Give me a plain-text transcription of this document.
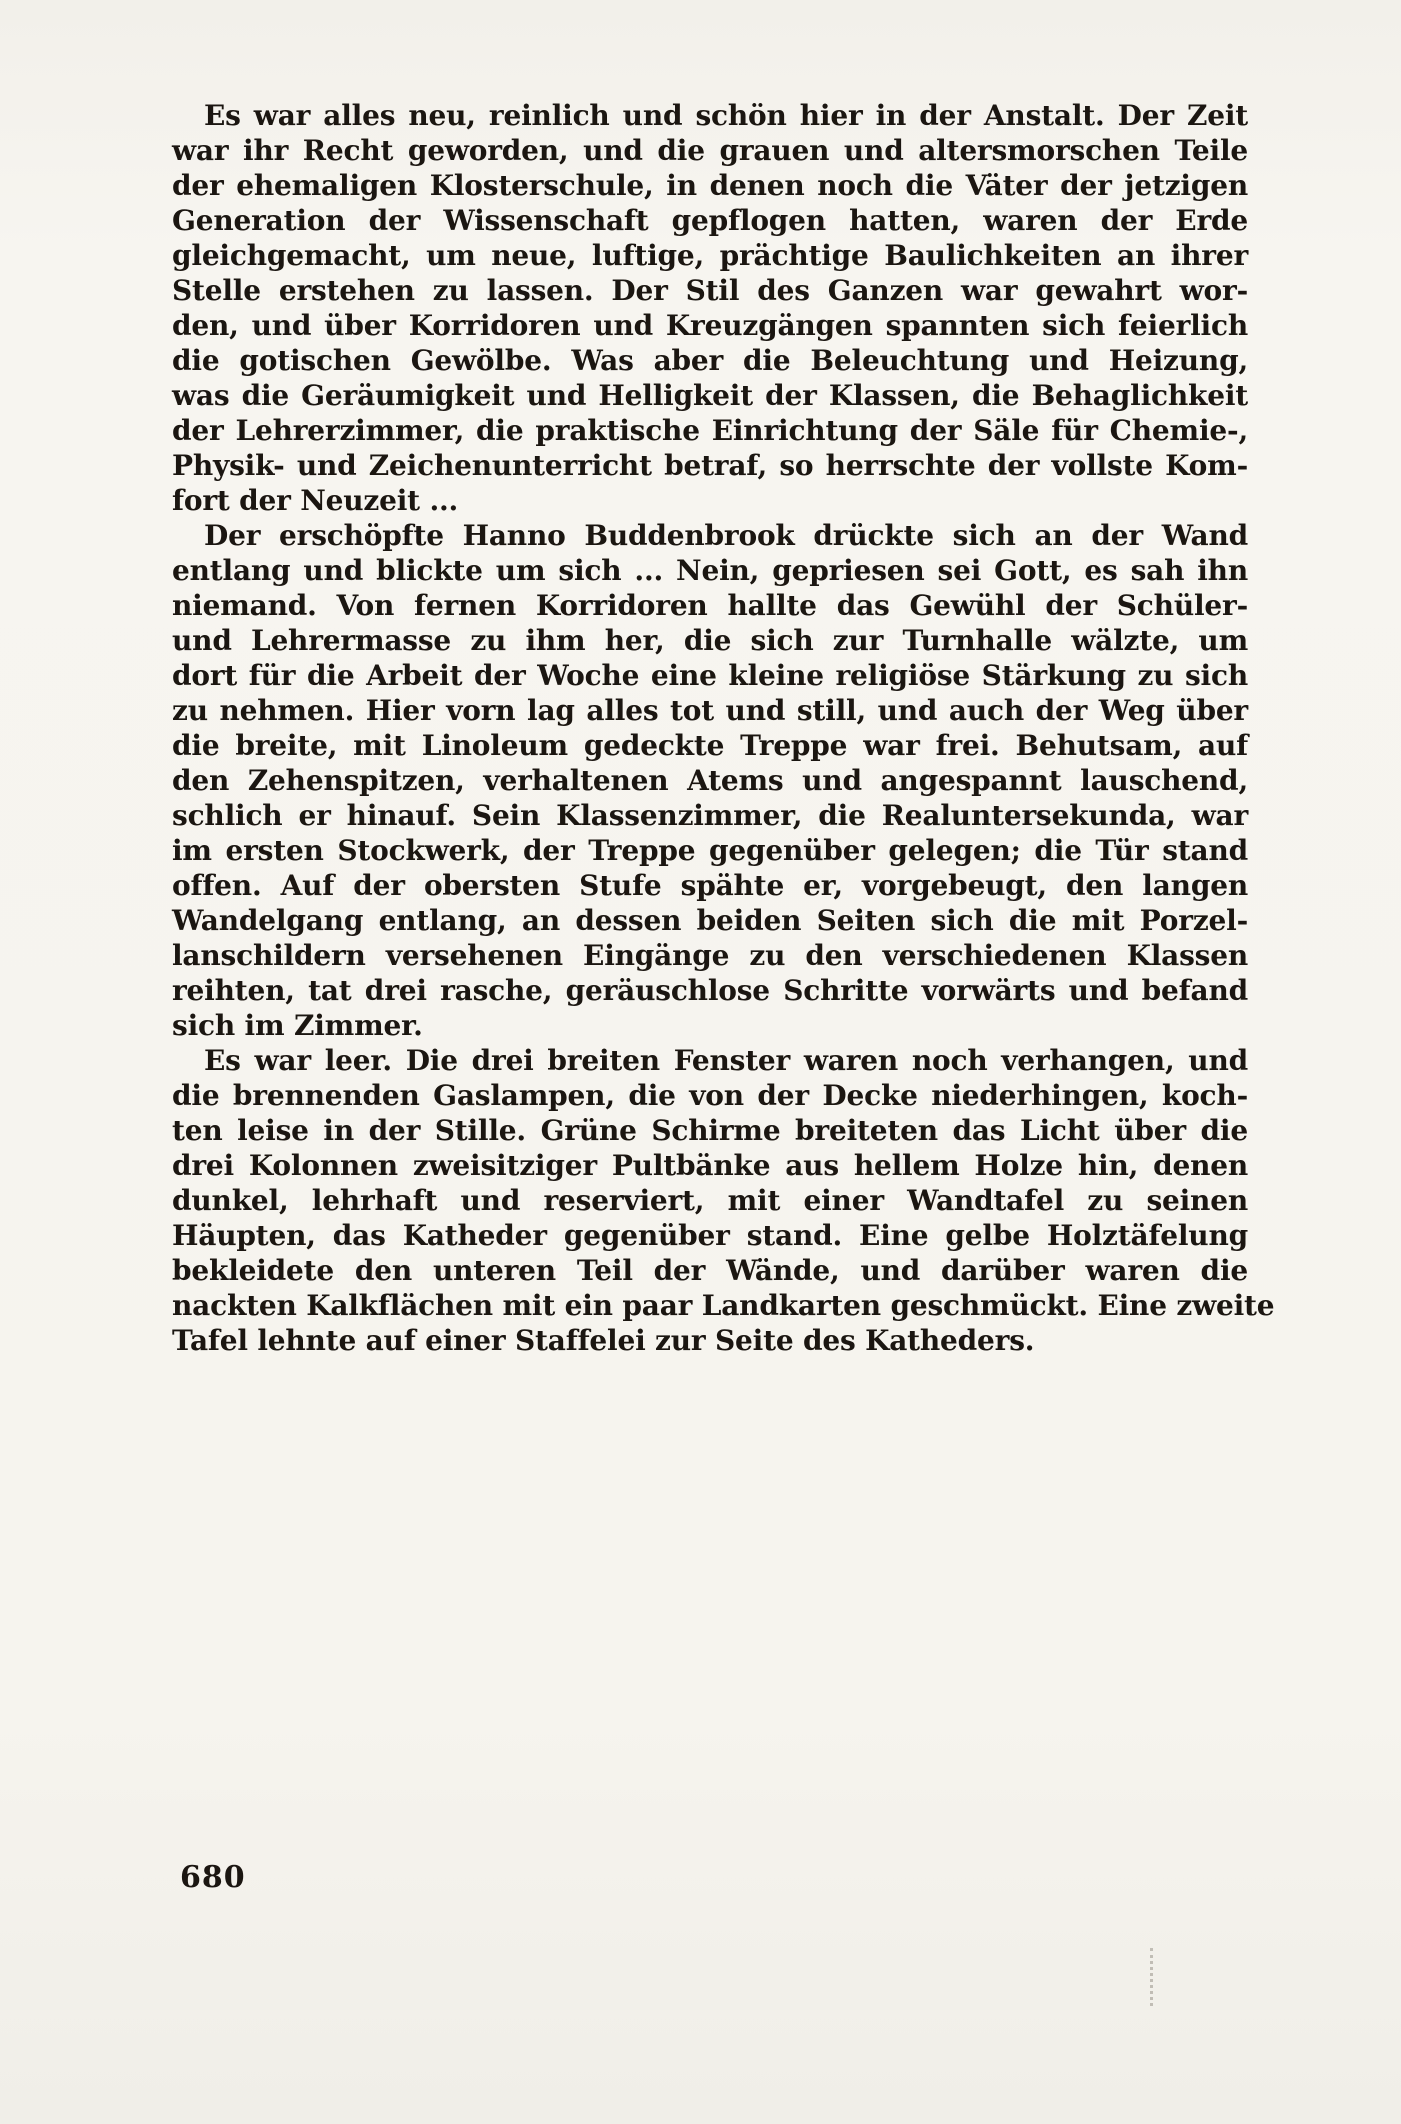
Es war alles neu, reinlich und schön hier in der Anstalt. Der Zeit
war ihr Recht geworden, und die grauen und altersmorschen Teile
der ehemaligen Klosterschule, in denen noch die Väter der jetzigen
Generation der Wissenschaft gepflogen hatten, waren der Erde
gleichgemacht, um neue, luftige, prächtige Baulichkeiten an ihrer
Stelle erstehen zu lassen. Der Stil des Ganzen war gewahrt wor-
den, und über Korridoren und Kreuzgängen spannten sich feierlich
die gotischen Gewölbe. Was aber die Beleuchtung und Heizung,
was die Geräumigkeit und Helligkeit der Klassen, die Behaglichkeit
der Lehrerzimmer, die praktische Einrichtung der Säle für Chemie-,
Physik- und Zeichenunterricht betraf, so herrschte der vollste Kom-
fort der Neuzeit ...
Der erschöpfte Hanno Buddenbrook drückte sich an der Wand
entlang und blickte um sich ... Nein, gepriesen sei Gott, es sah ihn
niemand. Von fernen Korridoren hallte das Gewühl der Schüler-
und Lehrermasse zu ihm her, die sich zur Turnhalle wälzte, um
dort für die Arbeit der Woche eine kleine religiöse Stärkung zu sich
zu nehmen. Hier vorn lag alles tot und still, und auch der Weg über
die breite, mit Linoleum gedeckte Treppe war frei. Behutsam, auf
den Zehenspitzen, verhaltenen Atems und angespannt lauschend,
schlich er hinauf. Sein Klassenzimmer, die Realuntersekunda, war
im ersten Stockwerk, der Treppe gegenüber gelegen; die Tür stand
offen. Auf der obersten Stufe spähte er, vorgebeugt, den langen
Wandelgang entlang, an dessen beiden Seiten sich die mit Porzel-
lanschildern versehenen Eingänge zu den verschiedenen Klassen
reihten, tat drei rasche, geräuschlose Schritte vorwärts und befand
sich im Zimmer.
Es war leer. Die drei breiten Fenster waren noch verhangen, und
die brennenden Gaslampen, die von der Decke niederhingen, koch-
ten leise in der Stille. Grüne Schirme breiteten das Licht über die
drei Kolonnen zweisitziger Pultbänke aus hellem Holze hin, denen
dunkel, lehrhaft und reserviert, mit einer Wandtafel zu seinen
Häupten, das Katheder gegenüber stand. Eine gelbe Holztäfelung
bekleidete den unteren Teil der Wände, und darüber waren die
nackten Kalkflächen mit ein paar Landkarten geschmückt. Eine zweite
Tafel lehnte auf einer Staffelei zur Seite des Katheders.
680
